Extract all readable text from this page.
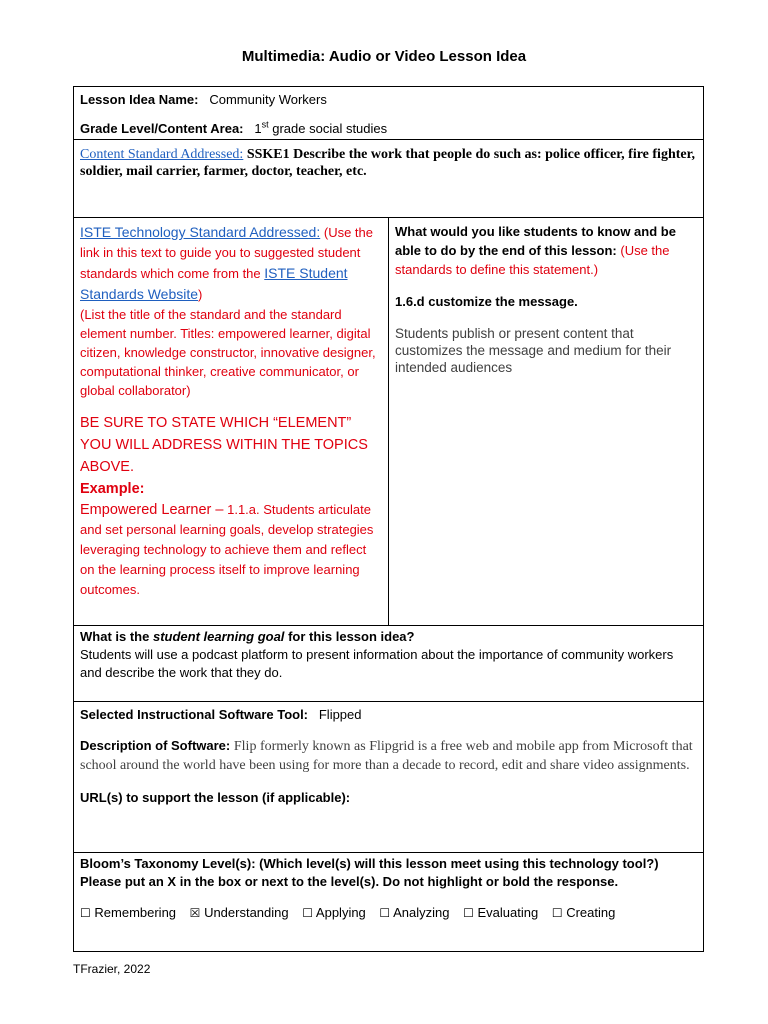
Multimedia: Audio or Video Lesson Idea
Lesson Idea Name: Community Workers
Grade Level/Content Area: 1st grade social studies
Content Standard Addressed: SSKE1 Describe the work that people do such as: police officer, fire fighter, soldier, mail carrier, farmer, doctor, teacher, etc.
ISTE Technology Standard Addressed: (Use the link in this text to guide you to suggested student standards which come from the ISTE Student Standards Website)
(List the title of the standard and the standard element number. Titles: empowered learner, digital citizen, knowledge constructor, innovative designer, computational thinker, creative communicator, or global collaborator)
BE SURE TO STATE WHICH “ELEMENT” YOU WILL ADDRESS WITHIN THE TOPICS ABOVE.
Example:
Empowered Learner – 1.1.a. Students articulate and set personal learning goals, develop strategies leveraging technology to achieve them and reflect on the learning process itself to improve learning outcomes.
What would you like students to know and be able to do by the end of this lesson: (Use the standards to define this statement.)
1.6.d customize the message.
Students publish or present content that customizes the message and medium for their intended audiences
What is the student learning goal for this lesson idea?
Students will use a podcast platform to present information about the importance of community workers and describe the work that they do.
Selected Instructional Software Tool: Flipped
Description of Software: Flip formerly known as Flipgrid is a free web and mobile app from Microsoft that school around the world have been using for more than a decade to record, edit and share video assignments.
URL(s) to support the lesson (if applicable):
Bloom’s Taxonomy Level(s): (Which level(s) will this lesson meet using this technology tool?) Please put an X in the box or next to the level(s). Do not highlight or bold the response.
☐ Remembering ☒ Understanding ☐ Applying ☐ Analyzing ☐ Evaluating ☐ Creating
TFrazier, 2022
